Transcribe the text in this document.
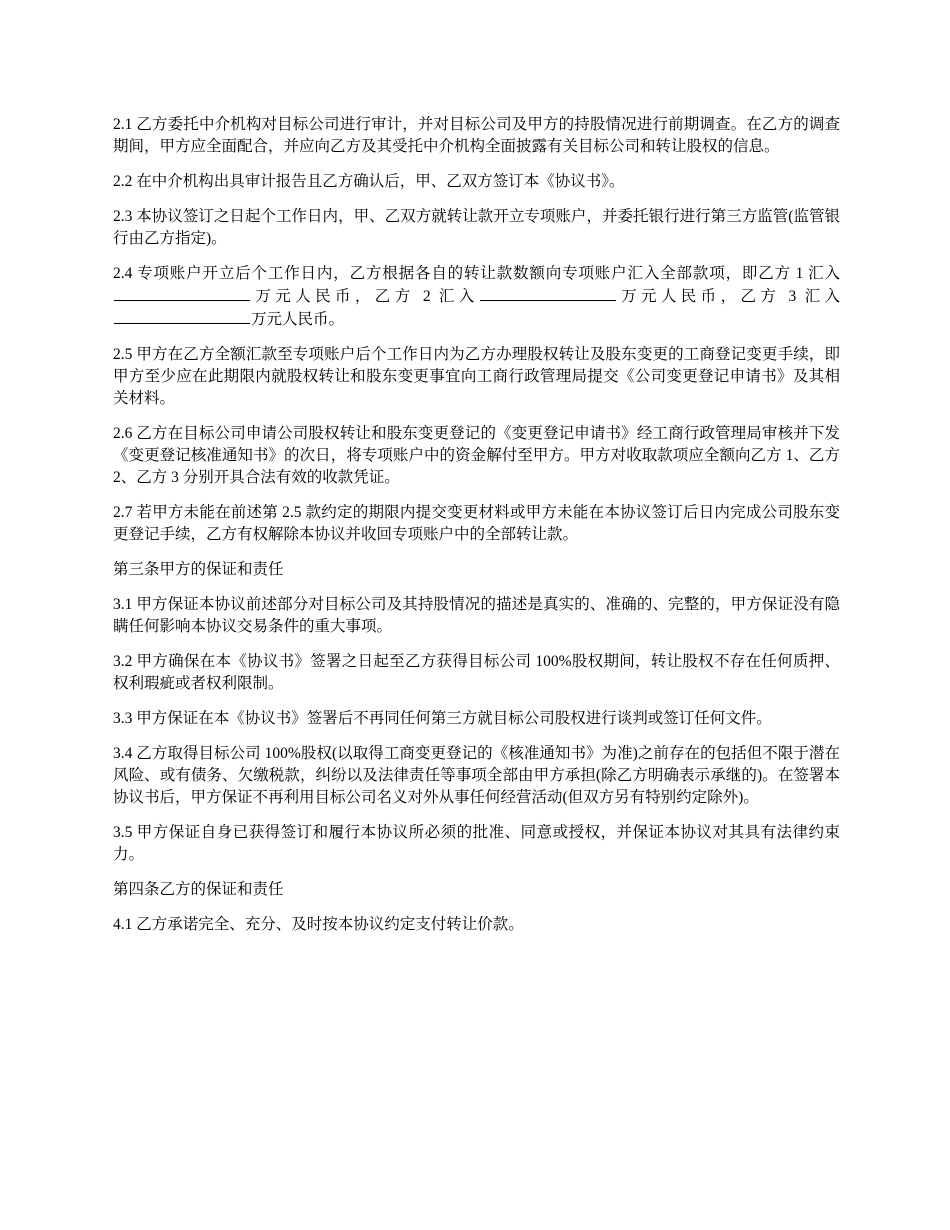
2.1 乙方委托中介机构对目标公司进行审计，并对目标公司及甲方的持股情况进行前期调查。在乙方的调查期间，甲方应全面配合，并应向乙方及其受托中介机构全面披露有关目标公司和转让股权的信息。

2.2 在中介机构出具审计报告且乙方确认后，甲、乙双方签订本《协议书》。

2.3 本协议签订之日起个工作日内，甲、乙双方就转让款开立专项账户，并委托银行进行第三方监管(监管银行由乙方指定)。

2.4 专项账户开立后个工作日内，乙方根据各自的转让款数额向专项账户汇入全部款项，即乙方 1 汇入万元人民币，乙方 2 汇入	万元人民币，乙方 3 汇入万元人民币。

2.5 甲方在乙方全额汇款至专项账户后个工作日内为乙方办理股权转让及股东变更的工商登记变更手续，即甲方至少应在此期限内就股权转让和股东变更事宜向工商行政管理局提交《公司变更登记申请书》及其相关材料。

2.6 乙方在目标公司申请公司股权转让和股东变更登记的《变更登记申请书》经工商行政管理局审核并下发《变更登记核准通知书》的次日，将专项账户中的资金解付至甲方。甲方对收取款项应全额向乙方 1、乙方 2、乙方 3 分别开具合法有效的收款凭证。

2.7 若甲方未能在前述第 2.5 款约定的期限内提交变更材料或甲方未能在本协议签订后日内完成公司股东变更登记手续，乙方有权解除本协议并收回专项账户中的全部转让款。

第三条甲方的保证和责任

3.1 甲方保证本协议前述部分对目标公司及其持股情况的描述是真实的、准确的、完整的，甲方保证没有隐瞒任何影响本协议交易条件的重大事项。

3.2 甲方确保在本《协议书》签署之日起至乙方获得目标公司 100%股权期间，转让股权不存在任何质押、权利瑕疵或者权利限制。

3.3 甲方保证在本《协议书》签署后不再同任何第三方就目标公司股权进行谈判或签订任何文件。

3.4 乙方取得目标公司 100%股权(以取得工商变更登记的《核准通知书》为准)之前存在的包括但不限于潜在风险、或有债务、欠缴税款，纠纷以及法律责任等事项全部由甲方承担(除乙方明确表示承继的)。在签署本协议书后，甲方保证不再利用目标公司名义对外从事任何经营活动(但双方另有特别约定除外)。

3.5 甲方保证自身已获得签订和履行本协议所必须的批准、同意或授权，并保证本协议对其具有法律约束力。

第四条乙方的保证和责任

4.1 乙方承诺完全、充分、及时按本协议约定支付转让价款。
